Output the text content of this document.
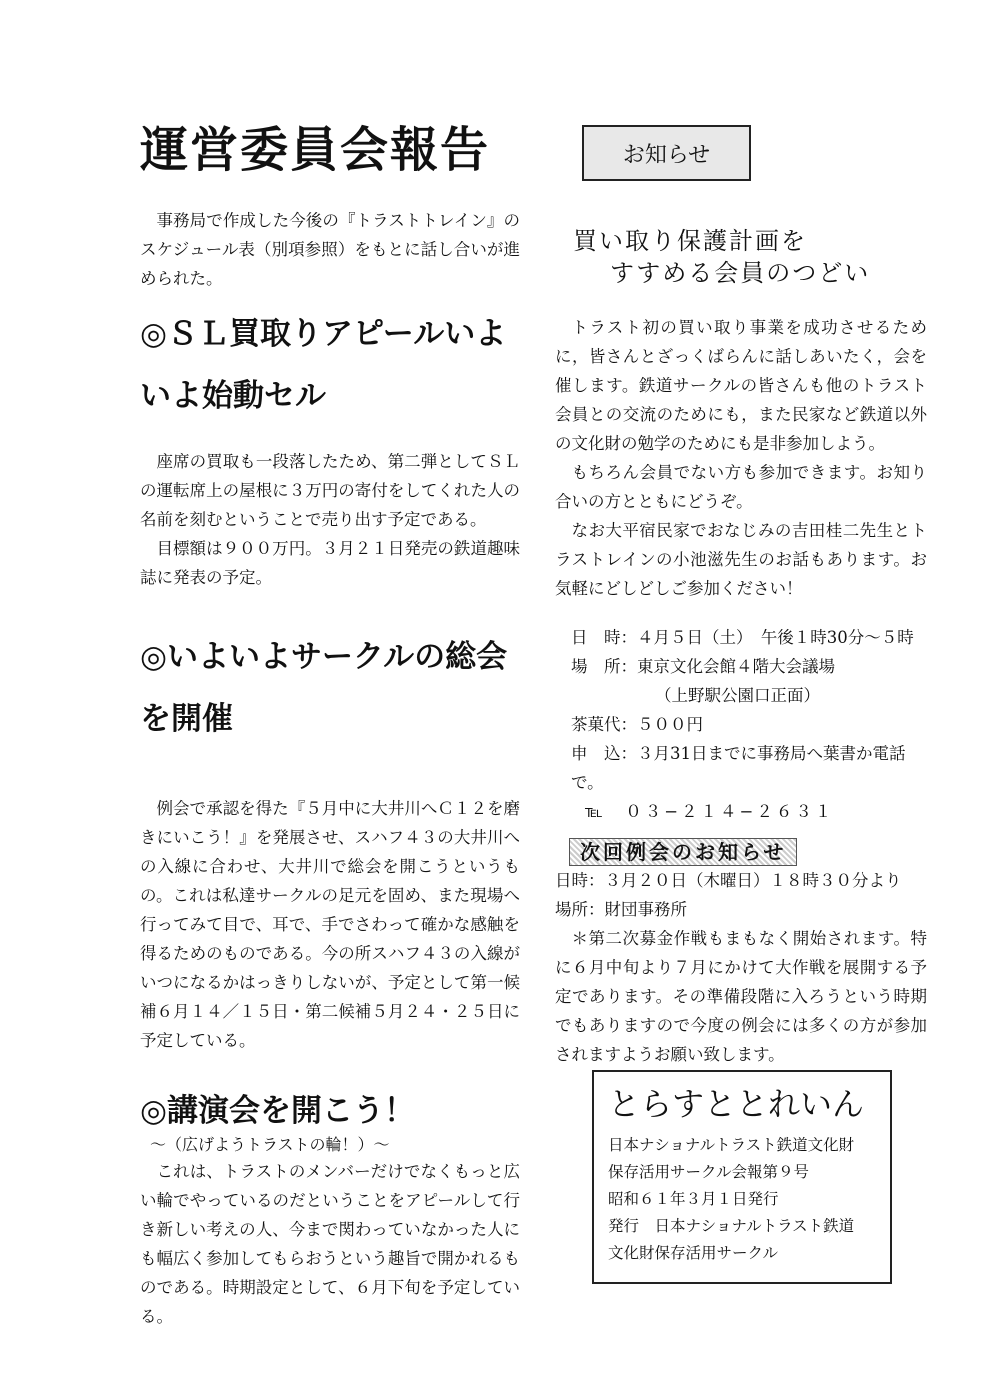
運営委員会報告

事務局で作成した今後の『トラストトレイン』のスケジュール表（別項参照）をもとに話し合いが進められた。

◎ＳＬ買取りアピールいよいよ始動セル

座席の買取も一段落したため、第二弾としてＳＬの運転席上の屋根に３万円の寄付をしてくれた人の名前を刻むということで売り出す予定である。

目標額は９００万円。３月２１日発売の鉄道趣味誌に発表の予定。

◎いよいよサークルの総会を開催

例会で承認を得た『５月中に大井川へＣ１２を磨きにいこう！』を発展させ、スハフ４３の大井川への入線に合わせ、大井川で総会を開こうというもの。これは私達サークルの足元を固め、また現場へ行ってみて目で、耳で、手でさわって確かな感触を得るためのものである。今の所スハフ４３の入線がいつになるかはっきりしないが、予定として第一候補６月１４／１５日・第二候補５月２４・２５日に予定している。

◎講演会を開こう！

〜（広げようトラストの輪！）〜

これは、トラストのメンバーだけでなくもっと広い輪でやっているのだということをアピールして行き新しい考えの人、今まで関わっていなかった人にも幅広く参加してもらおうという趣旨で開かれるものである。時期設定として、６月下旬を予定している。

お知らせ
買い取り保護計画を
すすめる会員のつどい

トラスト初の買い取り事業を成功させるために，皆さんとざっくばらんに話しあいたく，会を催します。鉄道サークルの皆さんも他のトラスト会員との交流のためにも，また民家など鉄道以外の文化財の勉学のためにも是非参加しよう。

もちろん会員でない方も参加できます。お知り合いの方とともにどうぞ。

なお大平宿民家でおなじみの吉田桂二先生とトラストレインの小池滋先生のお話もあります。お気軽にどしどしご参加ください！

日　時：４月５日（土）　午後１時30分〜５時
場　所：東京文化会館４階大会議場
（上野駅公園口正面）
茶菓代：５００円
申　込：３月31日までに事務局へ葉書か電話で。
℡　０３−２１４−２６３１
次回例会のお知らせ
日時：３月２０日（木曜日）１８時３０分より
場所：財団事務所

＊第二次募金作戦もまもなく開始されます。特に６月中旬より７月にかけて大作戦を展開する予定であります。その準備段階に入ろうという時期でもありますので今度の例会には多くの方が参加されますようお願い致します。

とらすととれいん

日本ナショナルトラスト鉄道文化財

保存活用サークル会報第９号

昭和６１年３月１日発行

発行　日本ナショナルトラスト鉄道

文化財保存活用サークル
